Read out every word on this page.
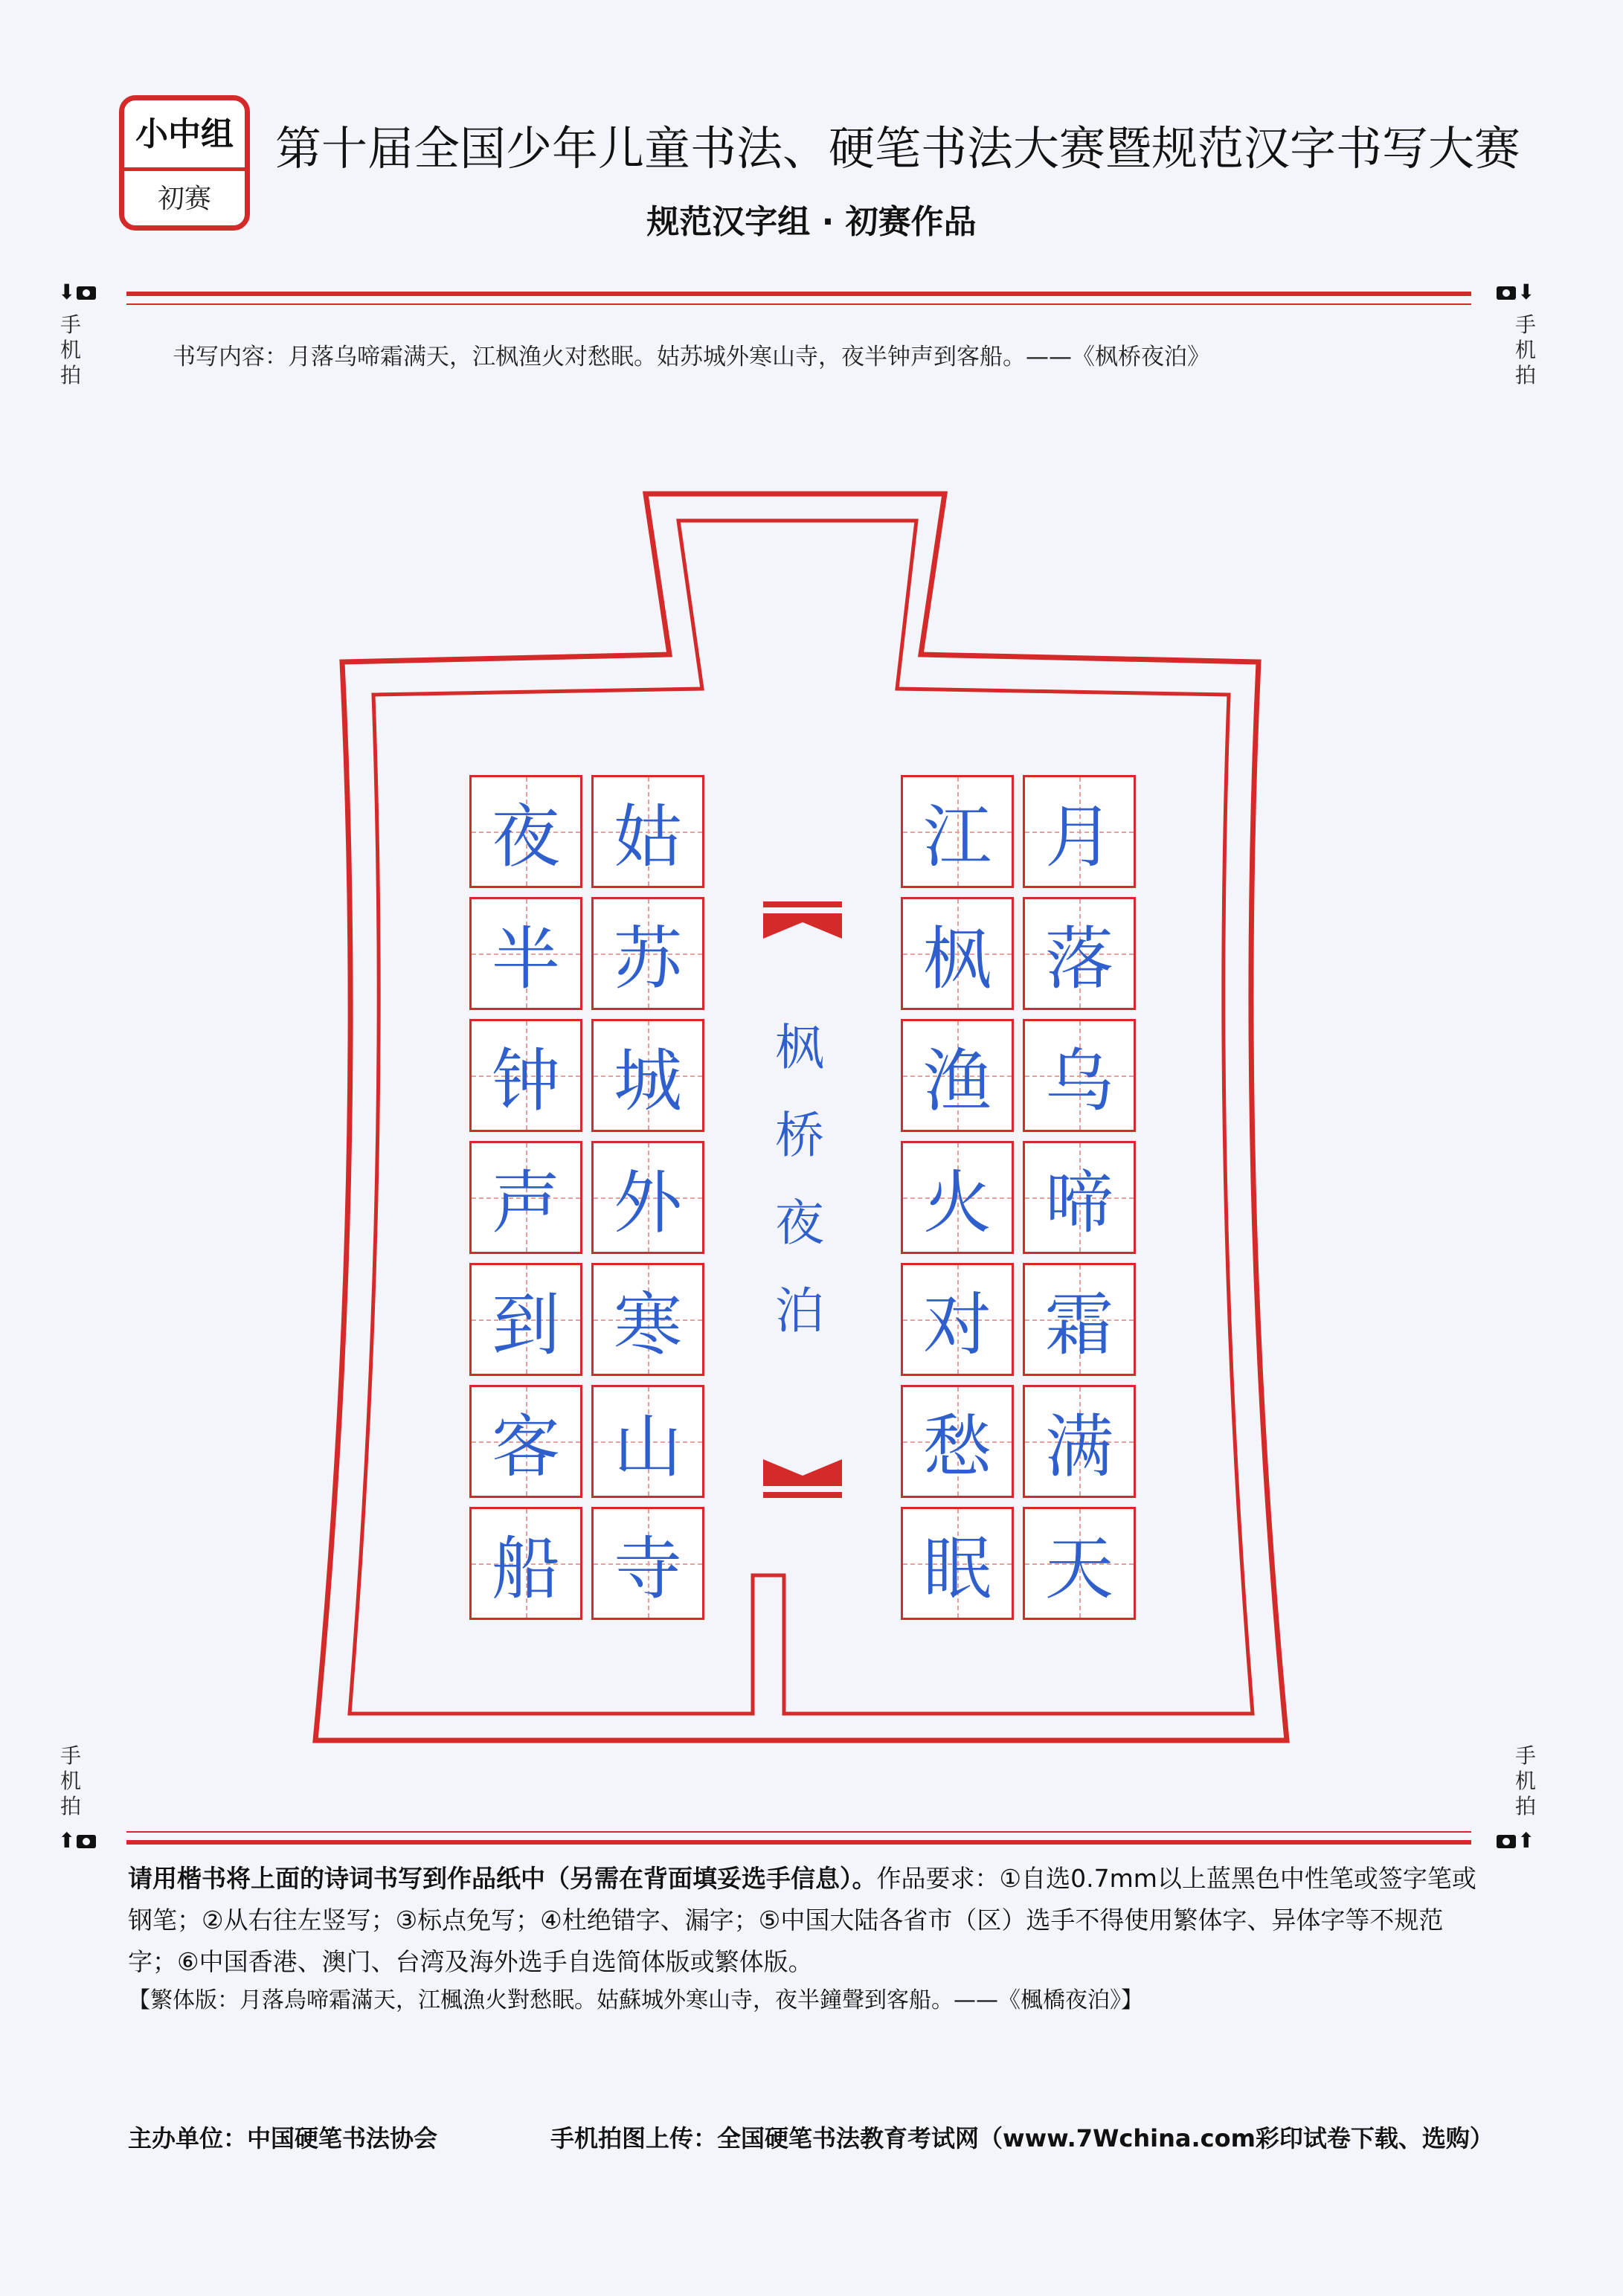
小中组
初赛
第十届全国少年儿童书法、硬笔书法大赛暨规范汉字书写大赛
规范汉字组 · 初赛作品
⬇
手
机
拍
⬇
手
机
拍
书写内容：月落乌啼霜满天，江枫渔火对愁眠。姑苏城外寒山寺，夜半钟声到客船。——《枫桥夜泊》
月
落
乌
啼
霜
满
天
江
枫
渔
火
对
愁
眠
姑
苏
城
外
寒
山
寺
夜
半
钟
声
到
客
船
枫
桥
夜
泊
手
机
拍
⬆
手
机
拍
⬆
请用楷书将上面的诗词书写到作品纸中（另需在背面填妥选手信息）。作品要求：①自选0.7mm以上蓝黑色中性笔或签字笔或钢笔；②从右往左竖写；③标点免写；④杜绝错字、漏字；⑤中国大陆各省市（区）选手不得使用繁体字、异体字等不规范字；⑥中国香港、澳门、台湾及海外选手自选简体版或繁体版。
【繁体版：月落烏啼霜滿天，江楓漁火對愁眠。姑蘇城外寒山寺，夜半鐘聲到客船。——《楓橋夜泊》】
主办单位：中国硬笔书法协会	手机拍图上传：全国硬笔书法教育考试网（www.7Wchina.com彩印试卷下载、选购）
